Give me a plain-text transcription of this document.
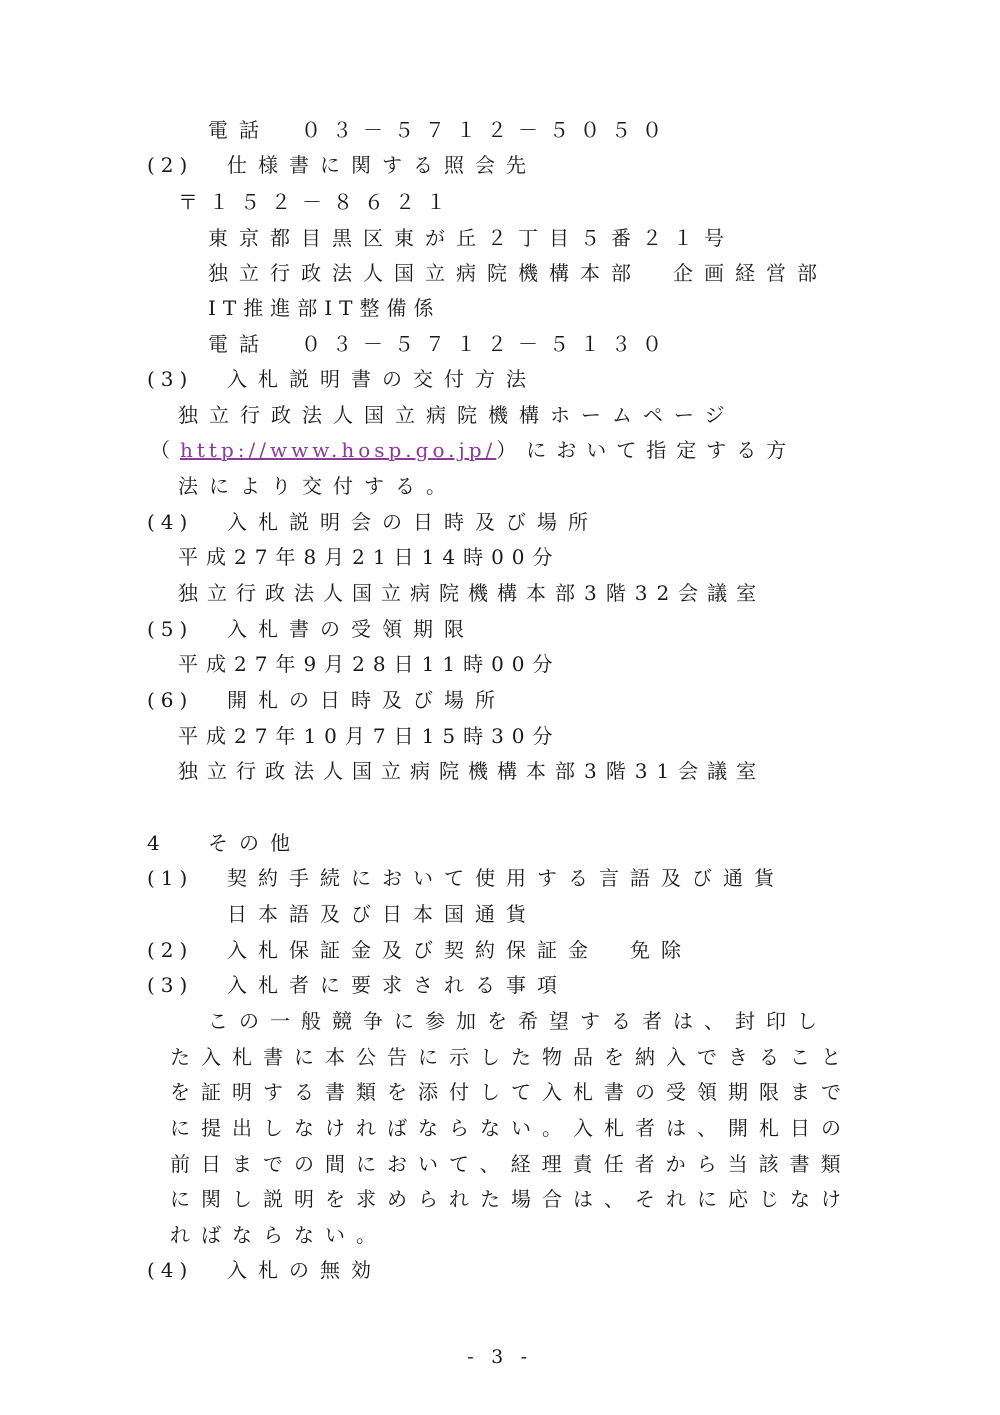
電話　０３－５７１２－５０５０
(2) 仕様書に関する照会先
〒１５２－８６２１
東京都目黒区東が丘２丁目５番２１号
独立行政法人国立病院機構本部　企画経営部
IT推進部IT整備係
電話　０３－５７１２－５１３０
(3) 入札説明書の交付方法
独立行政法人国立病院機構ホームページ
（http://www.hosp.go.jp/）において指定する方
法により交付する。
(4) 入札説明会の日時及び場所
平成27年8月21日14時00分
独立行政法人国立病院機構本部3階32会議室
(5) 入札書の受領期限
平成27年9月28日11時00分
(6) 開札の日時及び場所
平成27年10月7日15時30分
独立行政法人国立病院機構本部3階31会議室
4 その他
(1) 契約手続において使用する言語及び通貨
日本語及び日本国通貨
(2) 入札保証金及び契約保証金　免除
(3) 入札者に要求される事項
この一般競争に参加を希望する者は、封印し
た入札書に本公告に示した物品を納入できること
を証明する書類を添付して入札書の受領期限まで
に提出しなければならない。入札者は、開札日の
前日までの間において、経理責任者から当該書類
に関し説明を求められた場合は、それに応じなけ
ればならない。
(4) 入札の無効
- 3 -
